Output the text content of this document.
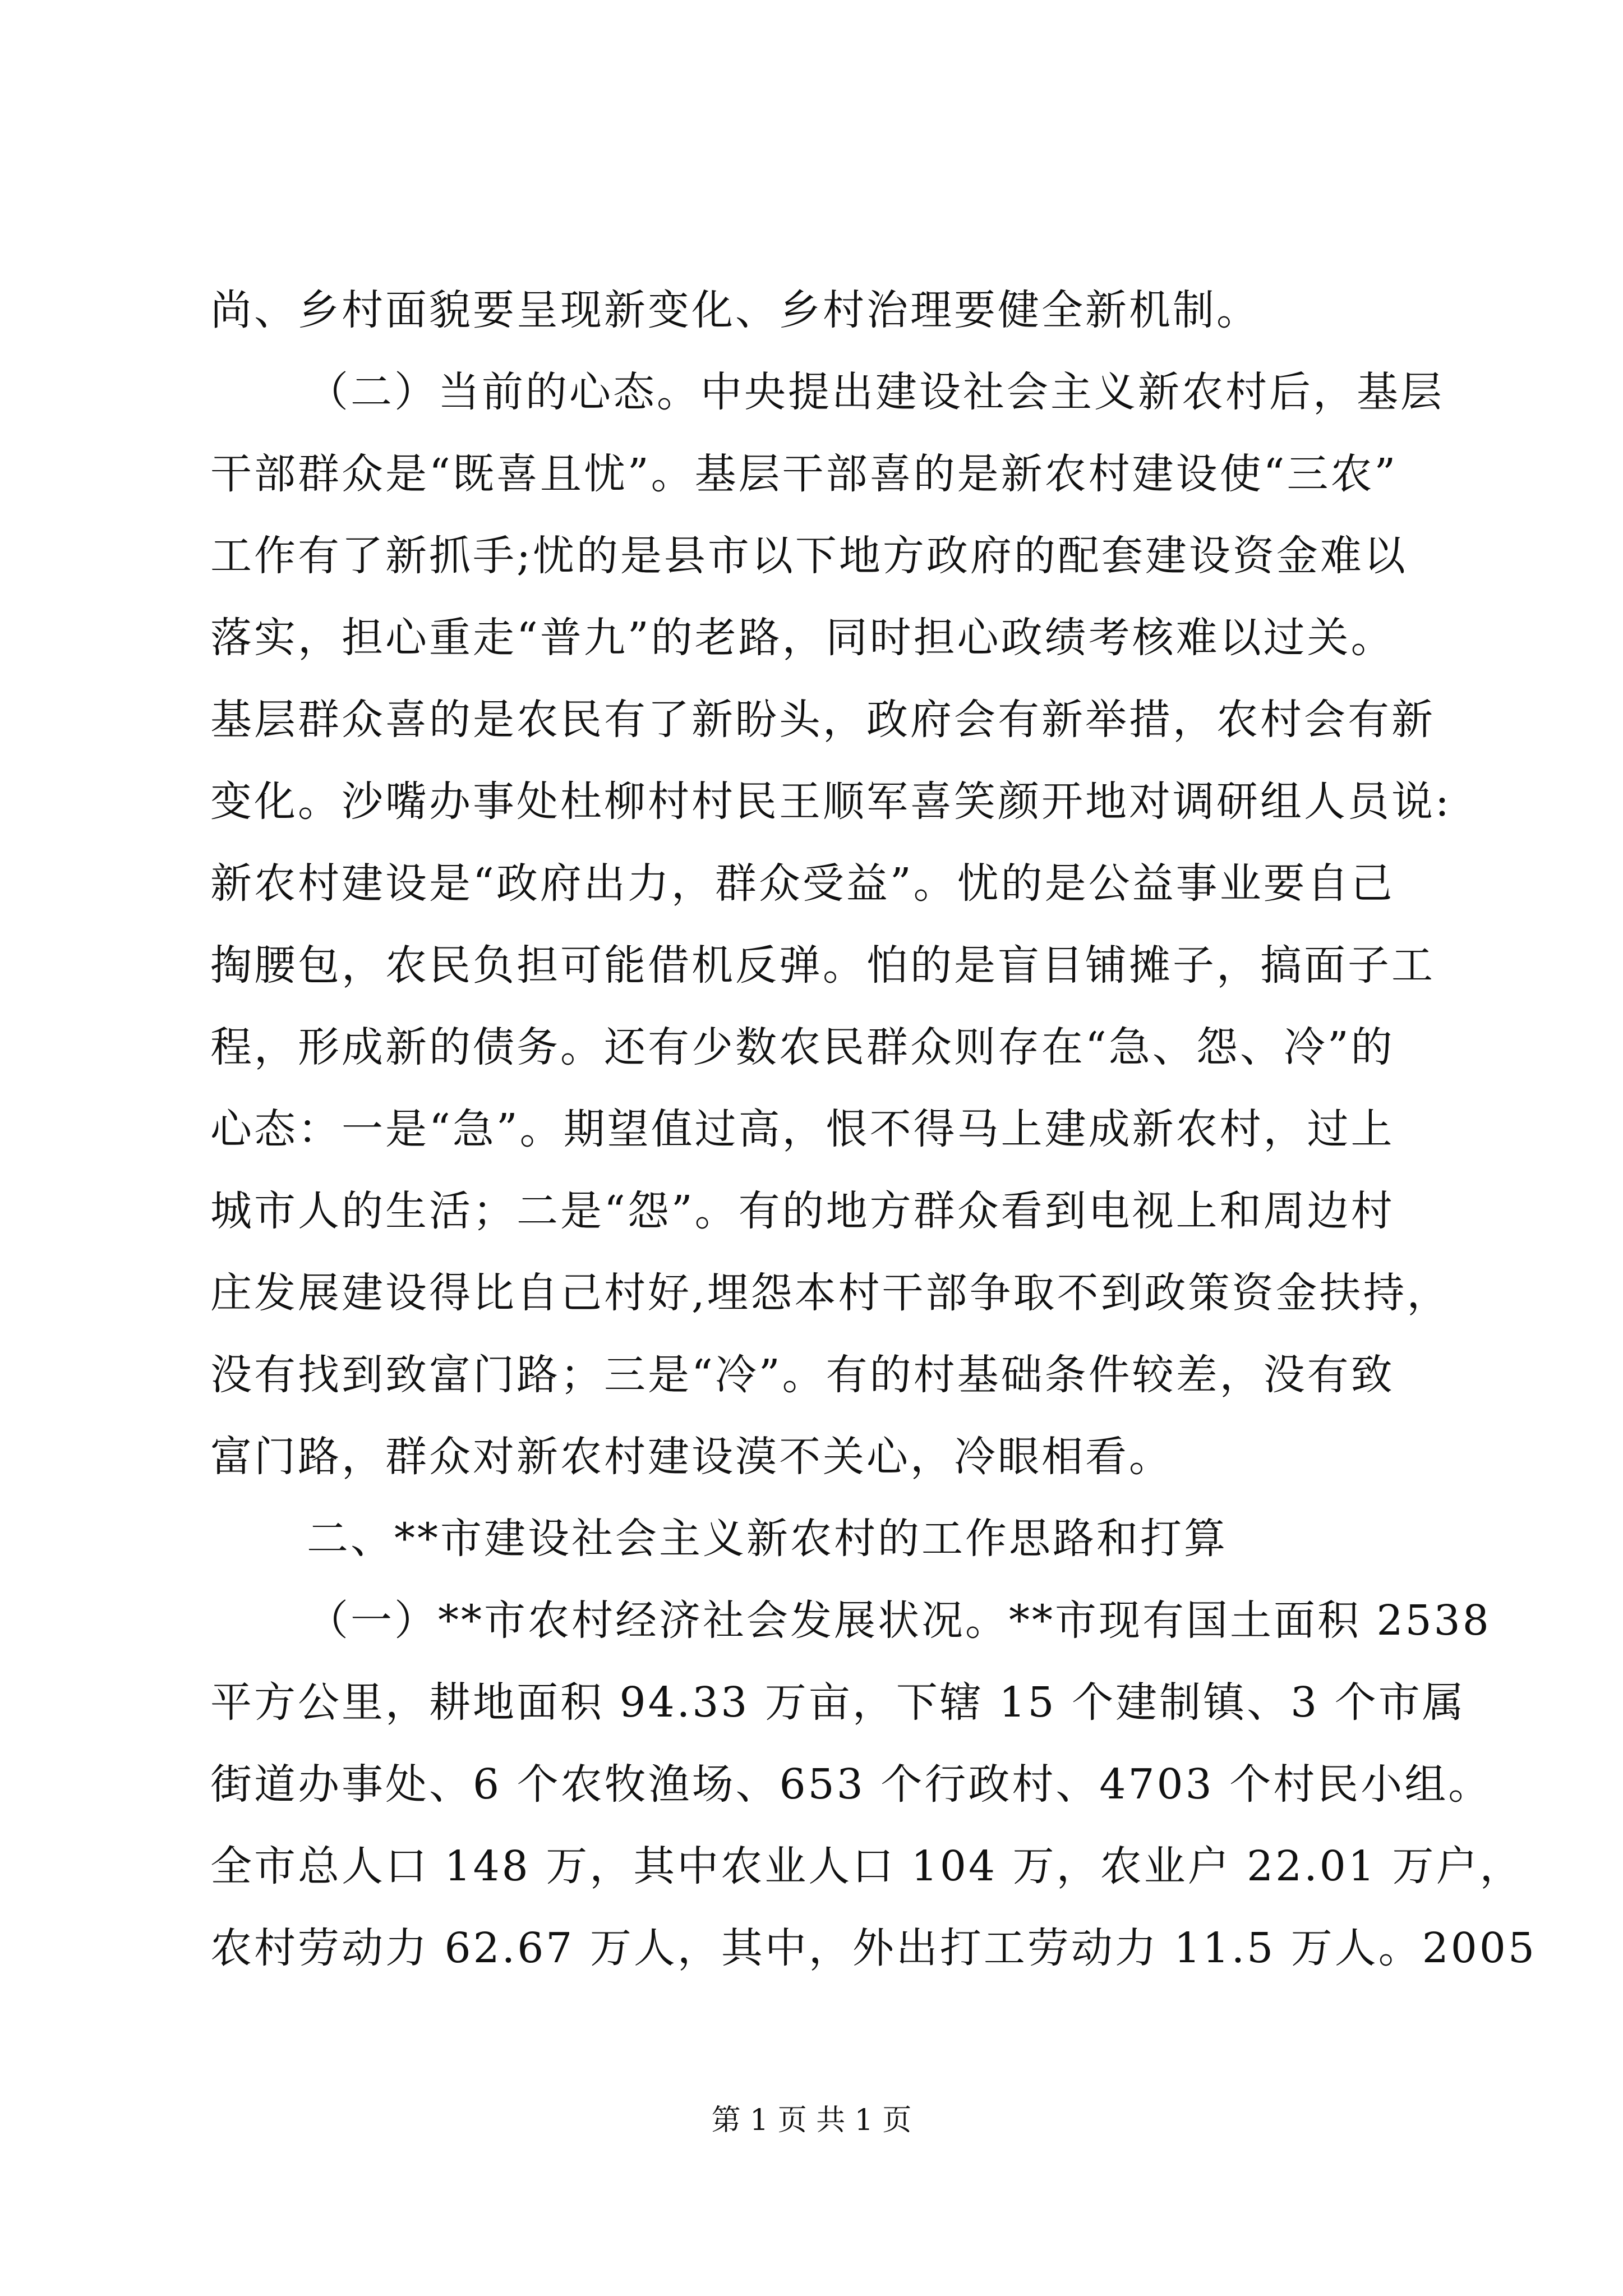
尚、乡村面貌要呈现新变化、乡村治理要健全新机制。
（二）当前的心态。中央提出建设社会主义新农村后，基层
干部群众是“既喜且忧”。基层干部喜的是新农村建设使“三农”
工作有了新抓手;忧的是县市以下地方政府的配套建设资金难以
落实，担心重走“普九”的老路，同时担心政绩考核难以过关。
基层群众喜的是农民有了新盼头，政府会有新举措，农村会有新
变化。沙嘴办事处杜柳村村民王顺军喜笑颜开地对调研组人员说:
新农村建设是“政府出力，群众受益”。忧的是公益事业要自己
掏腰包，农民负担可能借机反弹。怕的是盲目铺摊子，搞面子工
程，形成新的债务。还有少数农民群众则存在“急、怨、冷”的
心态：一是“急”。期望值过高，恨不得马上建成新农村，过上
城市人的生活；二是“怨”。有的地方群众看到电视上和周边村
庄发展建设得比自己村好,埋怨本村干部争取不到政策资金扶持，
没有找到致富门路；三是“冷”。有的村基础条件较差，没有致
富门路，群众对新农村建设漠不关心，冷眼相看。
二、**市建设社会主义新农村的工作思路和打算
（一）**市农村经济社会发展状况。**市现有国土面积 2538
平方公里，耕地面积 94.33 万亩，下辖 15 个建制镇、3 个市属
街道办事处、6 个农牧渔场、653 个行政村、4703 个村民小组。
全市总人口 148 万，其中农业人口 104 万，农业户 22.01 万户，
农村劳动力 62.67 万人，其中，外出打工劳动力 11.5 万人。2005
第 1 页 共 1 页
